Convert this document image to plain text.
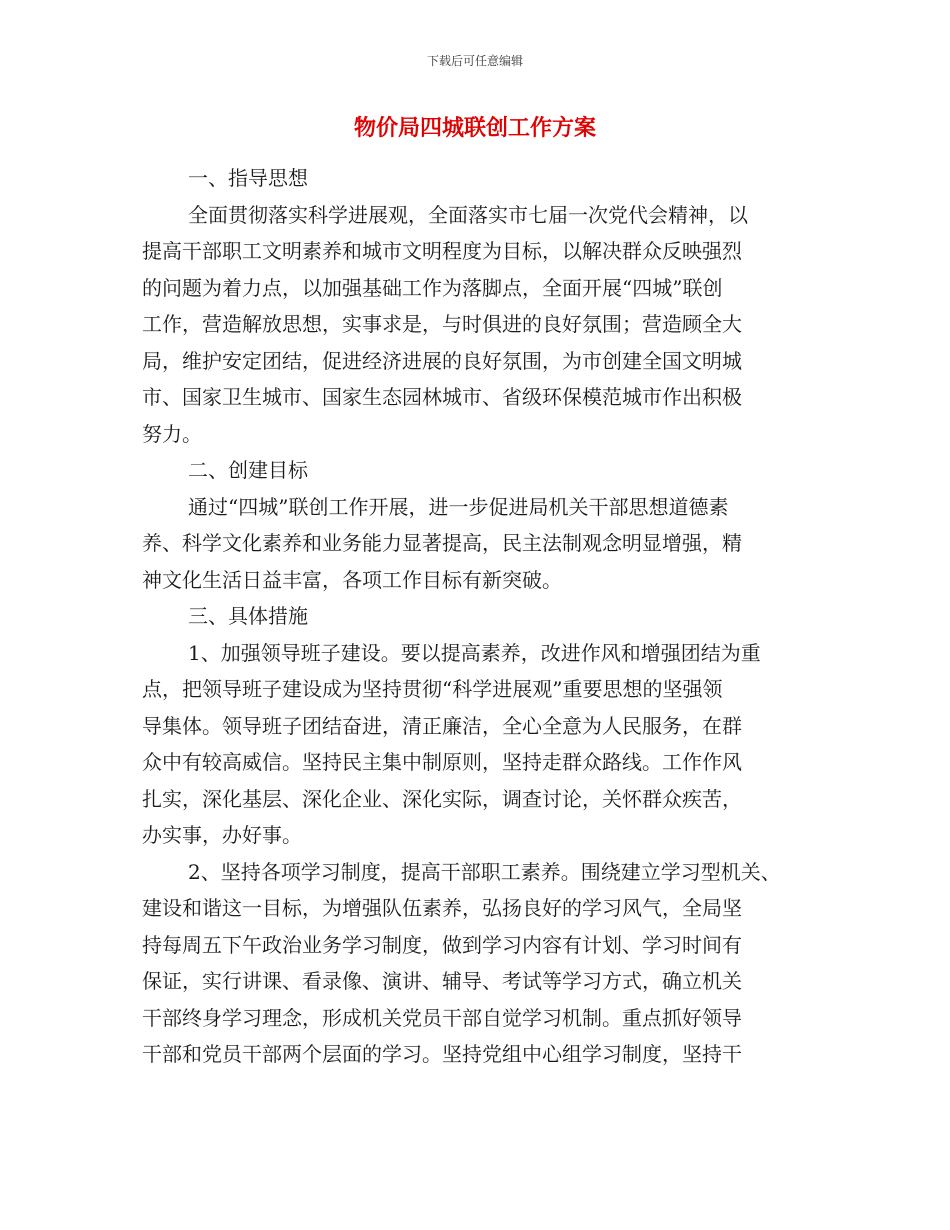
下载后可任意编辑
物价局四城联创工作方案
一、指导思想
全面贯彻落实科学进展观，全面落实市七届一次党代会精神，以
提高干部职工文明素养和城市文明程度为目标，以解决群众反映强烈
的问题为着力点，以加强基础工作为落脚点，全面开展“四城”联创
工作，营造解放思想，实事求是，与时俱进的良好氛围；营造顾全大
局，维护安定团结，促进经济进展的良好氛围，为市创建全国文明城
市、国家卫生城市、国家生态园林城市、省级环保模范城市作出积极
努力。
二、创建目标
通过“四城”联创工作开展，进一步促进局机关干部思想道德素
养、科学文化素养和业务能力显著提高，民主法制观念明显增强，精
神文化生活日益丰富，各项工作目标有新突破。
三、具体措施
1、加强领导班子建设。要以提高素养，改进作风和增强团结为重
点，把领导班子建设成为坚持贯彻“科学进展观”重要思想的坚强领
导集体。领导班子团结奋进，清正廉洁，全心全意为人民服务，在群
众中有较高威信。坚持民主集中制原则，坚持走群众路线。工作作风
扎实，深化基层、深化企业、深化实际，调查讨论，关怀群众疾苦，
办实事，办好事。
2、坚持各项学习制度，提高干部职工素养。围绕建立学习型机关、
建设和谐这一目标，为增强队伍素养，弘扬良好的学习风气，全局坚
持每周五下午政治业务学习制度，做到学习内容有计划、学习时间有
保证，实行讲课、看录像、演讲、辅导、考试等学习方式，确立机关
干部终身学习理念，形成机关党员干部自觉学习机制。重点抓好领导
干部和党员干部两个层面的学习。坚持党组中心组学习制度，坚持干
